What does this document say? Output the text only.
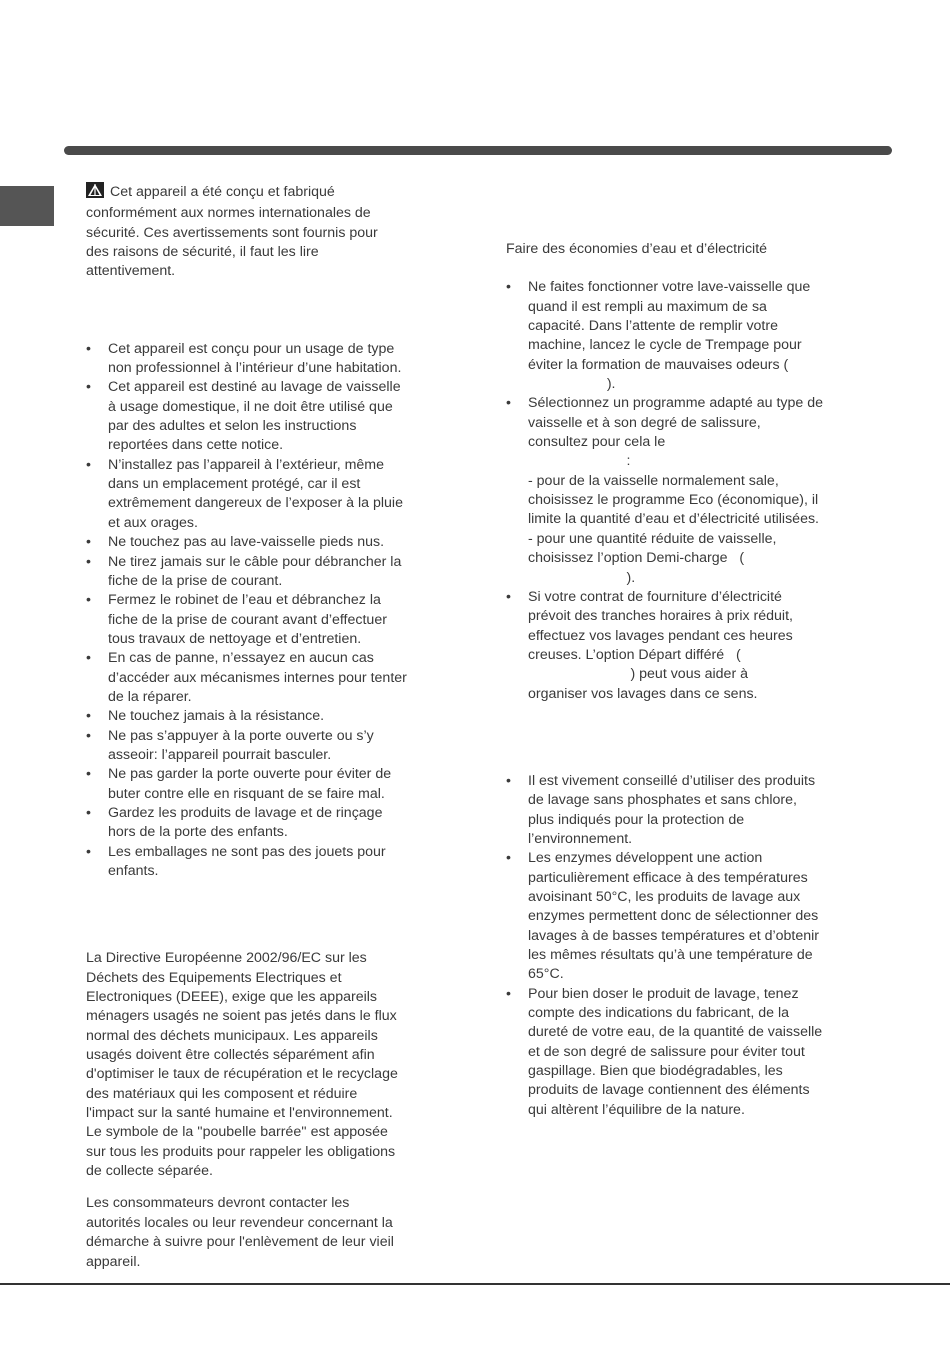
Cet appareil a été conçu et fabriqué
conformément aux normes internationales de
sécurité. Ces avertissements sont fournis pour
des raisons de sécurité, il faut les lire
attentivement.

• Cet appareil est conçu pour un usage de type
non professionnel à l’intérieur d’une habitation.
• Cet appareil est destiné au lavage de vaisselle
à usage domestique, il ne doit être utilisé que
par des adultes et selon les instructions
reportées dans cette notice.
• N’installez pas l’appareil à l’extérieur, même
dans un emplacement protégé, car il est
extrêmement dangereux de l’exposer à la pluie
et aux orages.
• Ne touchez pas au lave-vaisselle pieds nus.
• Ne tirez jamais sur le câble pour débrancher la
fiche de la prise de courant.
• Fermez le robinet de l’eau et débranchez la
fiche de la prise de courant avant d’effectuer
tous travaux de nettoyage et d’entretien.
• En cas de panne, n’essayez en aucun cas
d’accéder aux mécanismes internes pour tenter
de la réparer.
• Ne touchez jamais à la résistance.
• Ne pas s’appuyer à la porte ouverte ou s’y
asseoir: l’appareil pourrait basculer.
• Ne pas garder la porte ouverte pour éviter de
buter contre elle en risquant de se faire mal.
• Gardez les produits de lavage et de rinçage
hors de la porte des enfants.
• Les emballages ne sont pas des jouets pour
enfants.

La Directive Européenne 2002/96/EC sur les
Déchets des Equipements Electriques et
Electroniques (DEEE), exige que les appareils
ménagers usagés ne soient pas jetés dans le flux
normal des déchets municipaux. Les appareils
usagés doivent être collectés séparément afin
d'optimiser le taux de récupération et le recyclage
des matériaux qui les composent et réduire
l'impact sur la santé humaine et l'environnement.
Le symbole de la ''poubelle barrée'' est apposée
sur tous les produits pour rappeler les obligations
de collecte séparée.

Les consommateurs devront contacter les
autorités locales ou leur revendeur concernant la
démarche à suivre pour l'enlèvement de leur vieil
appareil.

Faire des économies d’eau et d’électricité

• Ne faites fonctionner votre lave-vaisselle que
quand il est rempli au maximum de sa
capacité. Dans l’attente de remplir votre
machine, lancez le cycle de Trempage pour
éviter la formation de mauvaises odeurs (
).
• Sélectionnez un programme adapté au type de
vaisselle et à son degré de salissure,
consultez pour cela le
:
- pour de la vaisselle normalement sale,
choisissez le programme Eco (économique), il
limite la quantité d’eau et d’électricité utilisées.
- pour une quantité réduite de vaisselle,
choisissez l’option Demi-charge   (
).
• Si votre contrat de fourniture d’électricité
prévoit des tranches horaires à prix réduit,
effectuez vos lavages pendant ces heures
creuses. L’option Départ différé   (
) peut vous aider à
organiser vos lavages dans ce sens.
• Il est vivement conseillé d’utiliser des produits
de lavage sans phosphates et sans chlore,
plus indiqués pour la protection de
l’environnement.
• Les enzymes développent une action
particulièrement efficace à des températures
avoisinant 50°C, les produits de lavage aux
enzymes permettent donc de sélectionner des
lavages à de basses températures et d’obtenir
les mêmes résultats qu’à une température de
65°C.
• Pour bien doser le produit de lavage, tenez
compte des indications du fabricant, de la
dureté de votre eau, de la quantité de vaisselle
et de son degré de salissure pour éviter tout
gaspillage. Bien que biodégradables, les
produits de lavage contiennent des éléments
qui altèrent l’équilibre de la nature.
